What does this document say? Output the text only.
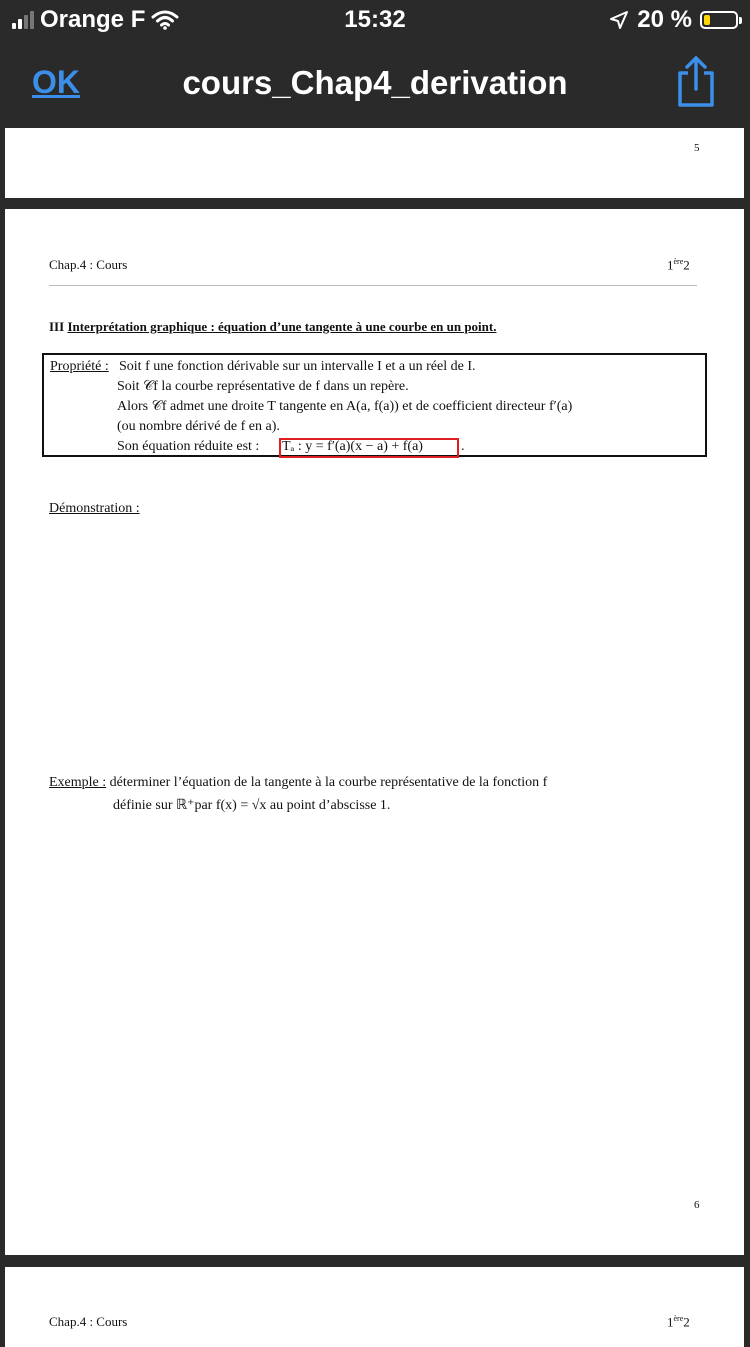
Orange F	15:32	20 %
OK	cours_Chap4_derivation
5
Chap.4 : Cours	1ère2
III Interprétation graphique : équation d’une tangente à une courbe en un point.
Propriété : Soit f une fonction dérivable sur un intervalle I et a un réel de I.
Soit 𝒞f la courbe représentative de f dans un repère.
Alors 𝒞f admet une droite T tangente en A(a, f(a)) et de coefficient directeur f′(a)
(ou nombre dérivé de f en a).
Son équation réduite est : Tₐ : y = f′(a)(x − a) + f(a)	.
Démonstration :
Exemple : déterminer l’équation de la tangente à la courbe représentative de la fonction f
définie sur ℝ⁺par f(x) = √x au point d’abscisse 1.
6
Chap.4 : Cours	1ère2
